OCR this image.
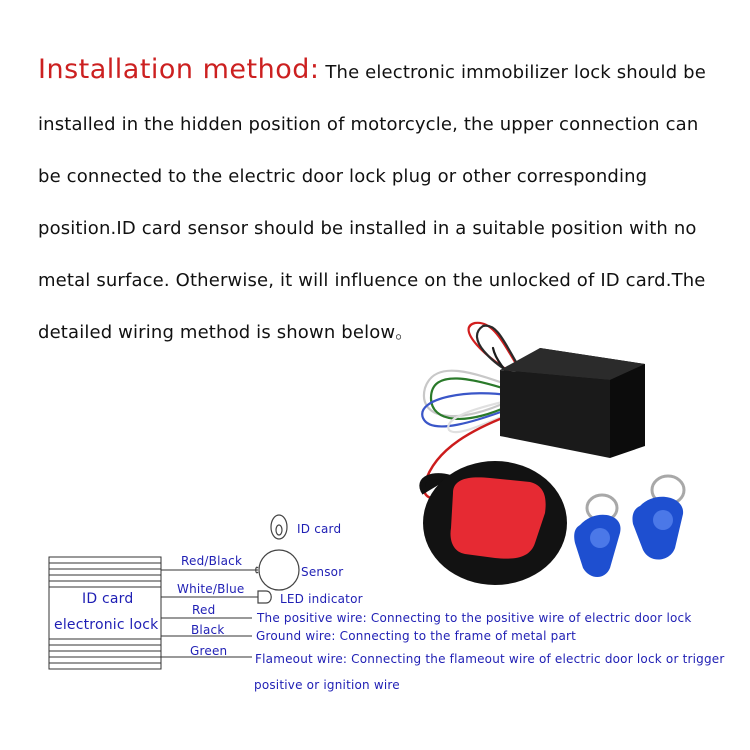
Installation method: The electronic immobilizer lock should be installed in the hidden position of motorcycle, the upper connection can be connected to the electric door lock plug or other corresponding position.ID card sensor should be installed in a suitable position with no metal surface. Otherwise, it will influence on the unlocked of ID card.The detailed wiring method is shown below。

ID card
electronic lock
Red/Black
White/Blue
Red
Black
Green
ID card
Sensor
LED indicator
The positive wire: Connecting to the positive wire of electric door lock
Ground wire: Connecting to the frame of metal part
Flameout wire: Connecting the flameout wire of electric door lock or trigger
positive or ignition wire
